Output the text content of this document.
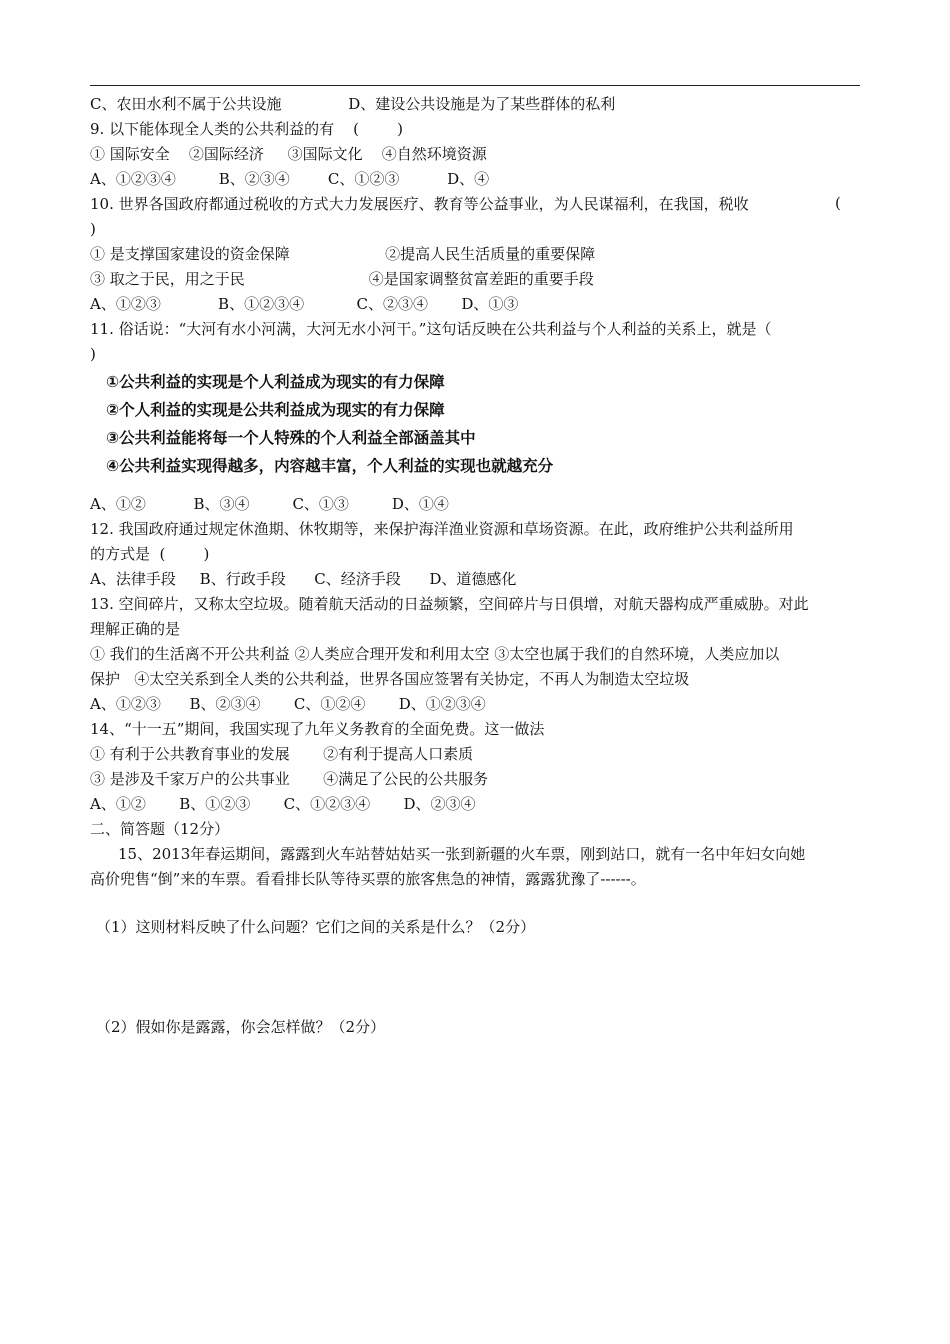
C、农田水利不属于公共设施              D、建设公共设施是为了某些群体的私利
9. 以下能体现全人类的公共利益的有    (        )
① 国际安全    ②国际经济     ③国际文化    ④自然环境资源
A、①②③④         B、②③④        C、①②③          D、④
10. 世界各国政府都通过税收的方式大力发展医疗、教育等公益事业，为人民谋福利，在我国，税收
)
① 是支撑国家建设的资金保障                    ②提高人民生活质量的重要保障
③ 取之于民，用之于民                          ④是国家调整贫富差距的重要手段
A、①②③            B、①②③④           C、②③④       D、①③
11. 俗话说：“大河有水小河满，大河无水小河干。”这句话反映在公共利益与个人利益的关系上，就是（
)
①公共利益的实现是个人利益成为现实的有力保障
②个人利益的实现是公共利益成为现实的有力保障
③公共利益能将每一个人特殊的个人利益全部涵盖其中
④公共利益实现得越多，内容越丰富，个人利益的实现也就越充分
A、①②          B、③④         C、①③         D、①④
12. 我国政府通过规定休渔期、休牧期等，来保护海洋渔业资源和草场资源。在此，政府维护公共利益所用
的方式是  (        )
A、法律手段     B、行政手段      C、经济手段      D、道德感化
13. 空间碎片，又称太空垃圾。随着航天活动的日益频繁，空间碎片与日俱增，对航天器构成严重威胁。对此
理解正确的是
① 我们的生活离不开公共利益 ②人类应合理开发和利用太空 ③太空也属于我们的自然环境，人类应加以
保护   ④太空关系到全人类的公共利益，世界各国应签署有关协定，不再人为制造太空垃圾
A、①②③      B、②③④       C、①②④       D、①②③④
14、“十一五”期间，我国实现了九年义务教育的全面免费。这一做法
① 有利于公共教育事业的发展       ②有利于提高人口素质
③ 是涉及千家万户的公共事业       ④满足了公民的公共服务
A、①②       B、①②③       C、①②③④       D、②③④
二、简答题（12分）
15、2013年春运期间，露露到火车站替姑姑买一张到新疆的火车票，刚到站口，就有一名中年妇女向她
高价兜售“倒”来的车票。看看排长队等待买票的旅客焦急的神情，露露犹豫了------。
（1）这则材料反映了什么问题？它们之间的关系是什么？（2分）
（2）假如你是露露，你会怎样做？（2分）
(
